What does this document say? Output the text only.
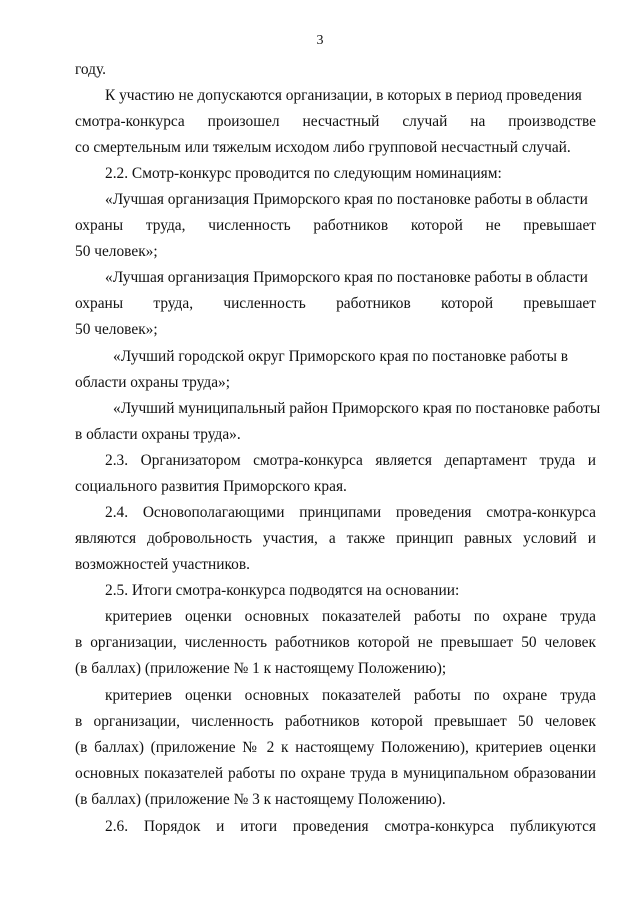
3
году.
К участию не допускаются организации, в которых в период проведения
смотра-конкурса произошел несчастный случай на производстве
со смертельным или тяжелым исходом либо групповой несчастный случай.
2.2. Смотр-конкурс проводится по следующим номинациям:
«Лучшая организация Приморского края по постановке работы в области
охраны труда, численность работников которой не превышает
50 человек»;
«Лучшая организация Приморского края по постановке работы в области
охраны труда, численность работников которой превышает
50 человек»;
«Лучший городской округ Приморского края по постановке работы в
области охраны труда»;
«Лучший муниципальный район Приморского края по постановке работы
в области охраны труда».
2.3. Организатором смотра-конкурса является департамент труда и
социального развития Приморского края.
2.4. Основополагающими принципами проведения смотра-конкурса
являются добровольность участия, а также принцип равных условий и
возможностей участников.
2.5. Итоги смотра-конкурса подводятся на основании:
критериев оценки основных показателей работы по охране труда
в организации, численность работников которой не превышает 50 человек
(в баллах) (приложение № 1 к настоящему Положению);
критериев оценки основных показателей работы по охране труда
в организации, численность работников которой превышает 50 человек
(в баллах) (приложение № 2 к настоящему Положению), критериев оценки
основных показателей работы по охране труда в муниципальном образовании
(в баллах) (приложение № 3 к настоящему Положению).
2.6. Порядок и итоги проведения смотра-конкурса публикуются
